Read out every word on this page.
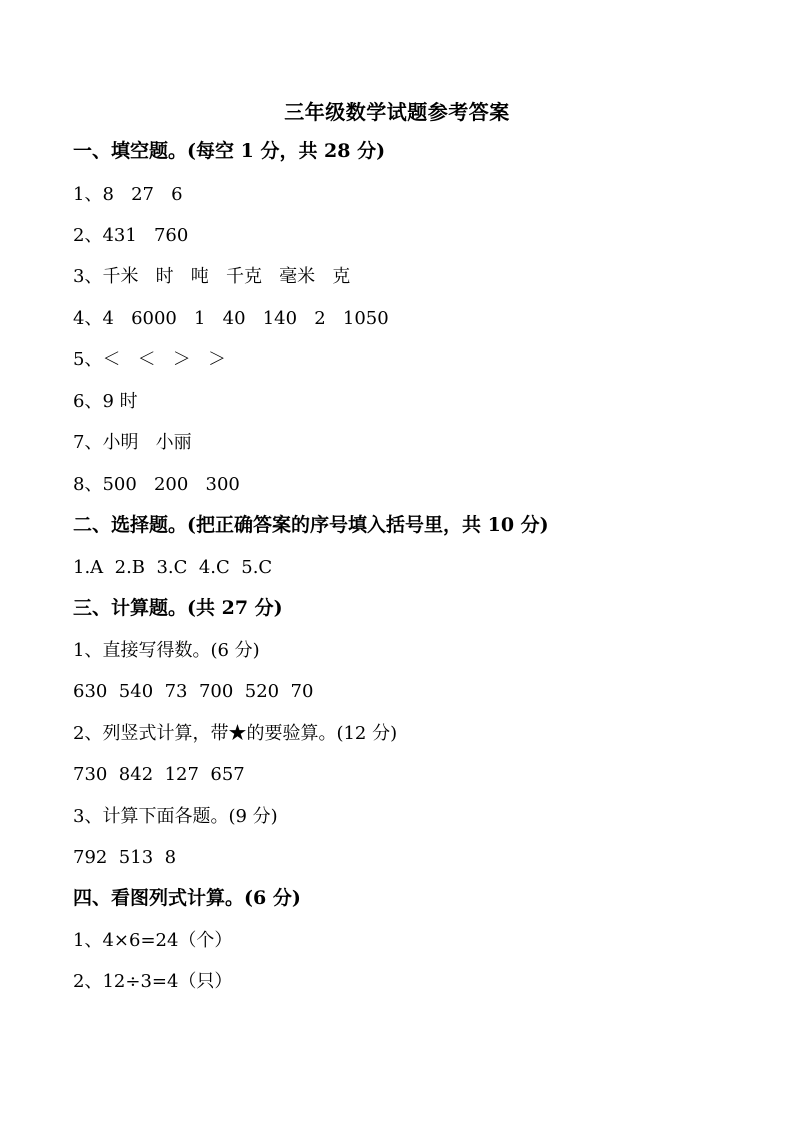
三年级数学试题参考答案
一、填空题。(每空 1 分，共 28 分)
1、8   27   6
2、431   760
3、千米   时   吨   千克   毫米   克
4、4   6000   1   40   140   2   1050
5、＜   ＜   ＞   ＞
6、9 时
7、小明   小丽
8、500   200   300
二、选择题。(把正确答案的序号填入括号里，共 10 分)
1.A  2.B  3.C  4.C  5.C
三、计算题。(共 27 分)
1、直接写得数。(6 分)
630  540  73  700  520  70
2、列竖式计算，带★的要验算。(12 分)
730  842  127  657
3、计算下面各题。(9 分)
792  513  8
四、看图列式计算。(6 分)
1、4×6=24（个）
2、12÷3=4（只）
